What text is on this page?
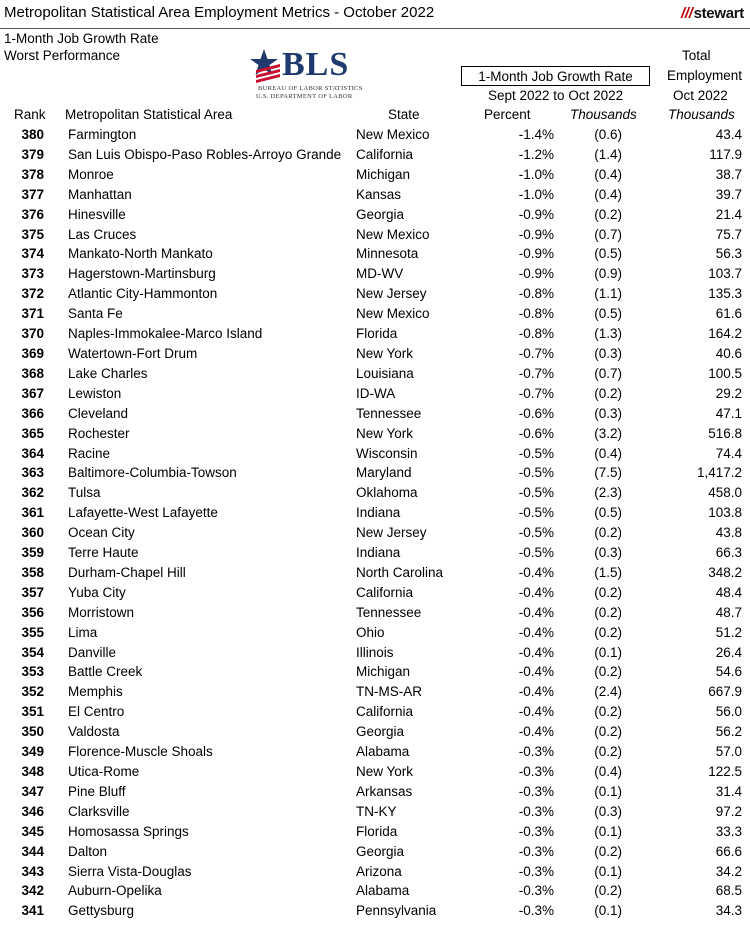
Metropolitan Statistical Area Employment Metrics - October 2022	///stewart
1-Month Job Growth Rate
Worst Performance	BLS
BUREAU OF LABOR STATISTICS
U.S. DEPARTMENT OF LABOR
Total
1-Month Job Growth Rate	Employment
Sept 2022 to Oct 2022	Oct 2022
Rank Metropolitan Statistical Area	State	Percent	Thousands Thousands
380 Farmington	New Mexico	-1.4%	(0.6)	43.4
379 San Luis Obispo-Paso Robles-Arroyo Grande California	-1.2%	(1.4)	117.9
378 Monroe	Michigan	-1.0%	(0.4)	38.7
377 Manhattan	Kansas	-1.0%	(0.4)	39.7
376 Hinesville	Georgia	-0.9%	(0.2)	21.4
375 Las Cruces	New Mexico	-0.9%	(0.7)	75.7
374 Mankato-North Mankato	Minnesota	-0.9%	(0.5)	56.3
373 Hagerstown-Martinsburg	MD-WV	-0.9%	(0.9)	103.7
372 Atlantic City-Hammonton	New Jersey	-0.8%	(1.1)	135.3
371 Santa Fe	New Mexico	-0.8%	(0.5)	61.6
370 Naples-Immokalee-Marco Island	Florida	-0.8%	(1.3)	164.2
369 Watertown-Fort Drum	New York	-0.7%	(0.3)	40.6
368 Lake Charles	Louisiana	-0.7%	(0.7)	100.5
367 Lewiston	ID-WA	-0.7%	(0.2)	29.2
366 Cleveland	Tennessee	-0.6%	(0.3)	47.1
365 Rochester	New York	-0.6%	(3.2)	516.8
364 Racine	Wisconsin	-0.5%	(0.4)	74.4
363 Baltimore-Columbia-Towson	Maryland	-0.5%	(7.5)	1,417.2
362 Tulsa	Oklahoma	-0.5%	(2.3)	458.0
361 Lafayette-West Lafayette	Indiana	-0.5%	(0.5)	103.8
360 Ocean City	New Jersey	-0.5%	(0.2)	43.8
359 Terre Haute	Indiana	-0.5%	(0.3)	66.3
358 Durham-Chapel Hill	North Carolina	-0.4%	(1.5)	348.2
357 Yuba City	California	-0.4%	(0.2)	48.4
356 Morristown	Tennessee	-0.4%	(0.2)	48.7
355 Lima	Ohio	-0.4%	(0.2)	51.2
354 Danville	Illinois	-0.4%	(0.1)	26.4
353 Battle Creek	Michigan	-0.4%	(0.2)	54.6
352 Memphis	TN-MS-AR	-0.4%	(2.4)	667.9
351 El Centro	California	-0.4%	(0.2)	56.0
350 Valdosta	Georgia	-0.4%	(0.2)	56.2
349 Florence-Muscle Shoals	Alabama	-0.3%	(0.2)	57.0
348 Utica-Rome	New York	-0.3%	(0.4)	122.5
347 Pine Bluff	Arkansas	-0.3%	(0.1)	31.4
346 Clarksville	TN-KY	-0.3%	(0.3)	97.2
345 Homosassa Springs	Florida	-0.3%	(0.1)	33.3
344 Dalton	Georgia	-0.3%	(0.2)	66.6
343 Sierra Vista-Douglas	Arizona	-0.3%	(0.1)	34.2
342 Auburn-Opelika	Alabama	-0.3%	(0.2)	68.5
341 Gettysburg	Pennsylvania	-0.3%	(0.1)	34.3
